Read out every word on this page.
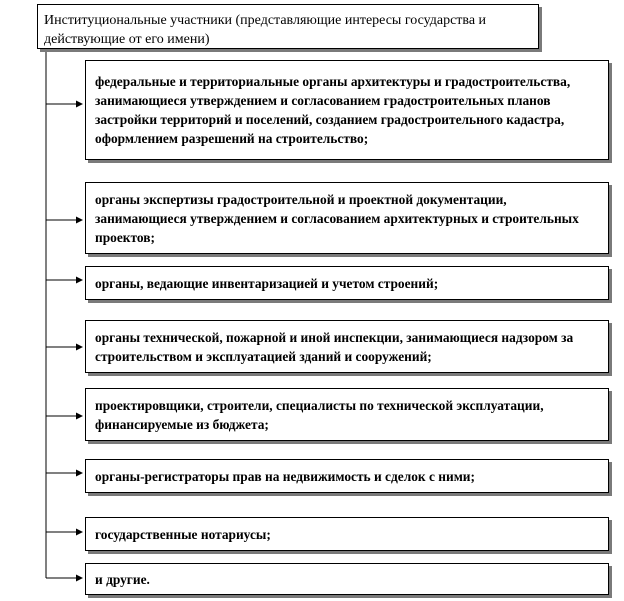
Институциональные участники (представляющие интересы государства и действующие от его имени)
федеральные и территориальные органы архитектуры и градостроительства, занимающиеся утверждением и согласованием градостроительных планов застройки территорий и поселений, созданием градостроительного кадастра, оформлением разрешений на строительство;
органы экспертизы градостроительной и проектной документации, занимающиеся утверждением и согласованием архитектурных и строительных проектов;
органы, ведающие инвентаризацией и учетом строений;
органы технической, пожарной и иной инспекции, занимающиеся надзором за строительством и эксплуатацией зданий и сооружений;
проектировщики, строители, специалисты по технической эксплуатации, финансируемые из бюджета;
органы-регистраторы прав на недвижимость и сделок с ними;
государственные нотариусы;
и другие.
